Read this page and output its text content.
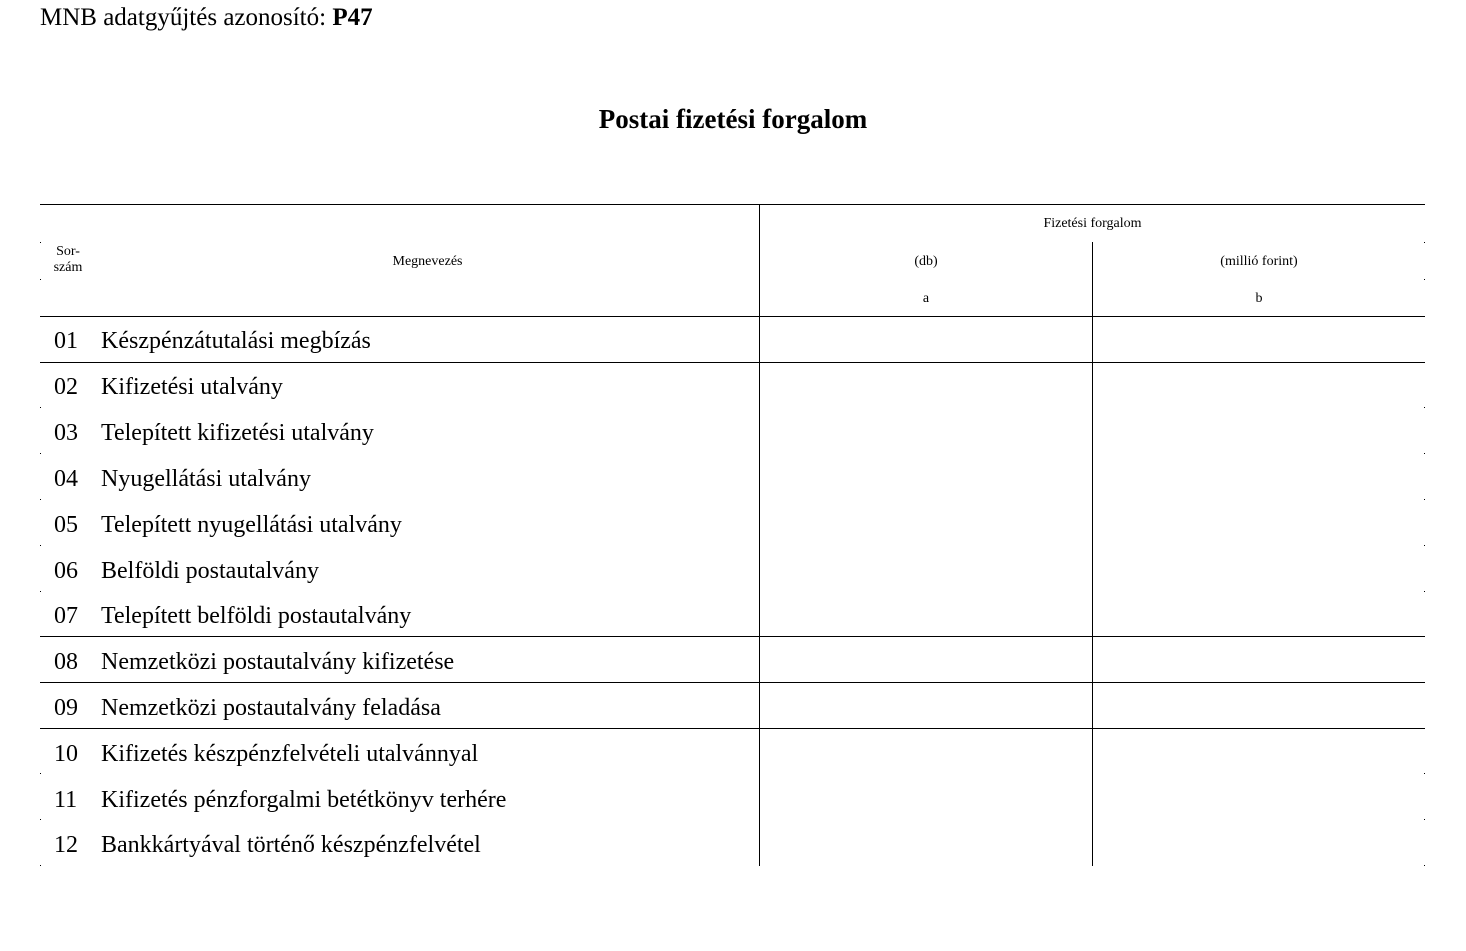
MNB adatgyűjtés azonosító: P47
Postai fizetési forgalom
Sor-
szám	Megnevezés
Fizetési forgalom
(db)	(millió forint)
a	b
01 Készpénzátutalási megbízás
02 Kifizetési utalvány
03 Telepített kifizetési utalvány
04 Nyugellátási utalvány
05 Telepített nyugellátási utalvány
06 Belföldi postautalvány
07 Telepített belföldi postautalvány
08 Nemzetközi postautalvány kifizetése
09 Nemzetközi postautalvány feladása
10 Kifizetés készpénzfelvételi utalvánnyal
11 Kifizetés pénzforgalmi betétkönyv terhére
12 Bankkártyával történő készpénzfelvétel
